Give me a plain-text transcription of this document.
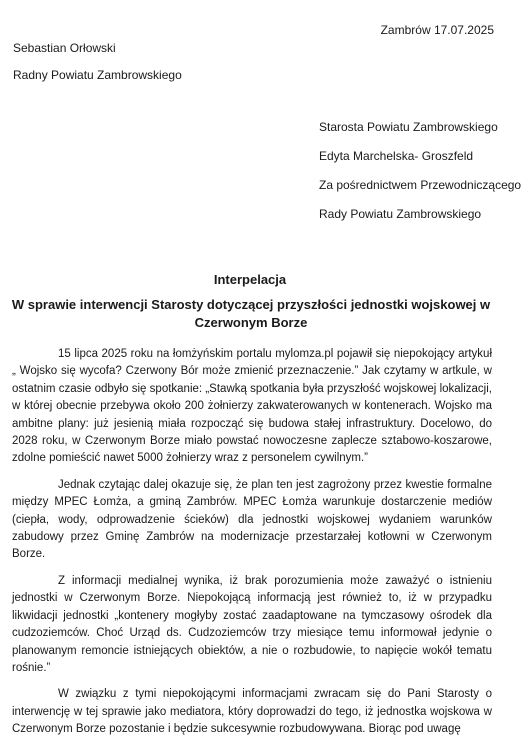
Zambrów 17.07.2025
Sebastian Orłowski
Radny Powiatu Zambrowskiego
Starosta Powiatu Zambrowskiego
Edyta Marchelska- Groszfeld
Za pośrednictwem Przewodniczącego
Rady Powiatu Zambrowskiego
Interpelacja
W sprawie interwencji Starosty dotyczącej przyszłości jednostki wojskowej w Czerwonym Borze

15 lipca 2025 roku na łomżyńskim portalu mylomza.pl pojawił się niepokojący artykuł „ Wojsko się wycofa? Czerwony Bór może zmienić przeznaczenie.” Jak czytamy w artkule, w ostatnim czasie odbyło się spotkanie: „Stawką spotkania była przyszłość wojskowej lokalizacji, w której obecnie przebywa około 200 żołnierzy zakwaterowanych w kontenerach. Wojsko ma ambitne plany: już jesienią miała rozpocząć się budowa stałej infrastruktury. Docelowo, do 2028 roku, w Czerwonym Borze miało powstać nowoczesne zaplecze sztabowo-koszarowe, zdolne pomieścić nawet 5000 żołnierzy wraz z personelem cywilnym.”

Jednak czytając dalej okazuje się, że plan ten jest zagrożony przez kwestie formalne między MPEC Łomża, a gminą Zambrów. MPEC Łomża warunkuje dostarczenie mediów (ciepła, wody, odprowadzenie ścieków) dla jednostki wojskowej wydaniem warunków zabudowy przez Gminę Zambrów na modernizacje przestarzałej kotłowni w Czerwonym Borze.

Z informacji medialnej wynika, iż brak porozumienia może zaważyć o istnieniu jednostki w Czerwonym Borze. Niepokojącą informacją jest również to, iż w przypadku likwidacji jednostki „kontenery mogłyby zostać zaadaptowane na tymczasowy ośrodek dla cudzoziemców. Choć Urząd ds. Cudzoziemców trzy miesiące temu informował jedynie o planowanym remoncie istniejących obiektów, a nie o rozbudowie, to napięcie wokół tematu rośnie.”

W związku z tymi niepokojącymi informacjami zwracam się do Pani Starosty o interwencję w tej sprawie jako mediatora, który doprowadzi do tego, iż jednostka wojskowa w Czerwonym Borze pozostanie i będzie sukcesywnie rozbudowywana. Biorąc pod uwagę
